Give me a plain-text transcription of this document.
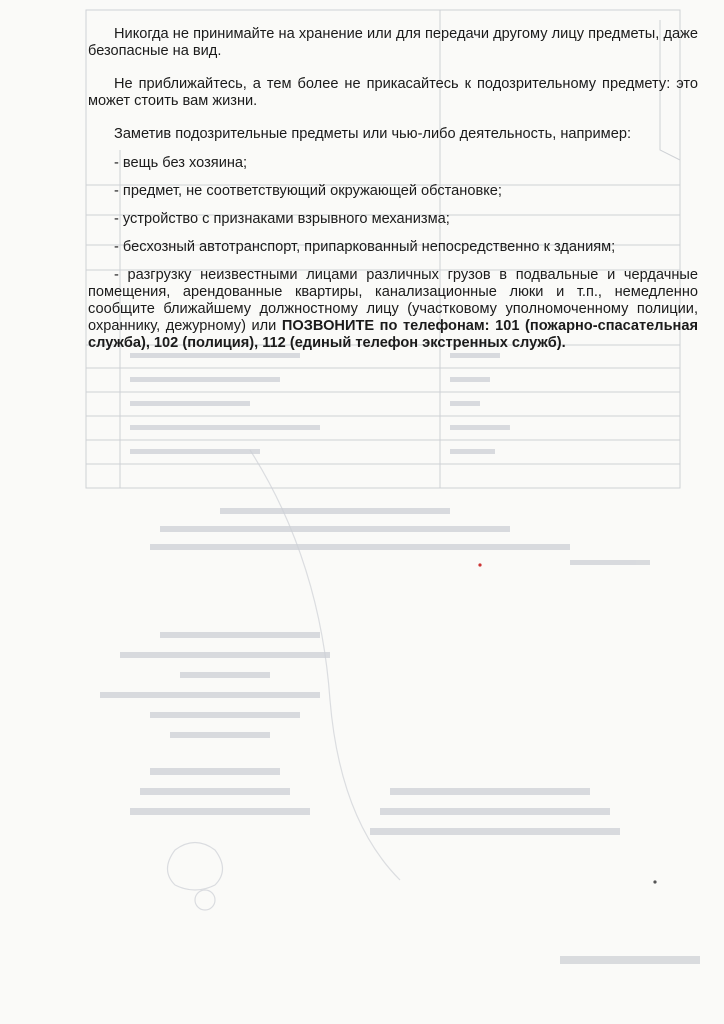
Никогда не принимайте на хранение или для передачи другому лицу предметы, даже безопасные на вид.

Не приближайтесь, а тем более не прикасайтесь к подозрительному предмету: это может стоить вам жизни.

Заметив подозрительные предметы или чью-либо деятельность, например:

- вещь без хозяина;

- предмет, не соответствующий окружающей обстановке;

- устройство с признаками взрывного механизма;

- бесхозный автотранспорт, припаркованный непосредственно к зданиям;

- разгрузку неизвестными лицами различных грузов в подвальные и чердачные помещения, арендованные квартиры, канализационные люки и т.п., немедленно сообщите ближайшему должностному лицу (участковому уполномоченному полиции, охраннику, дежурному) или ПОЗВОНИТЕ по телефонам: 101 (пожарно-спасательная служба), 102 (полиция), 112 (единый телефон экстренных служб).
